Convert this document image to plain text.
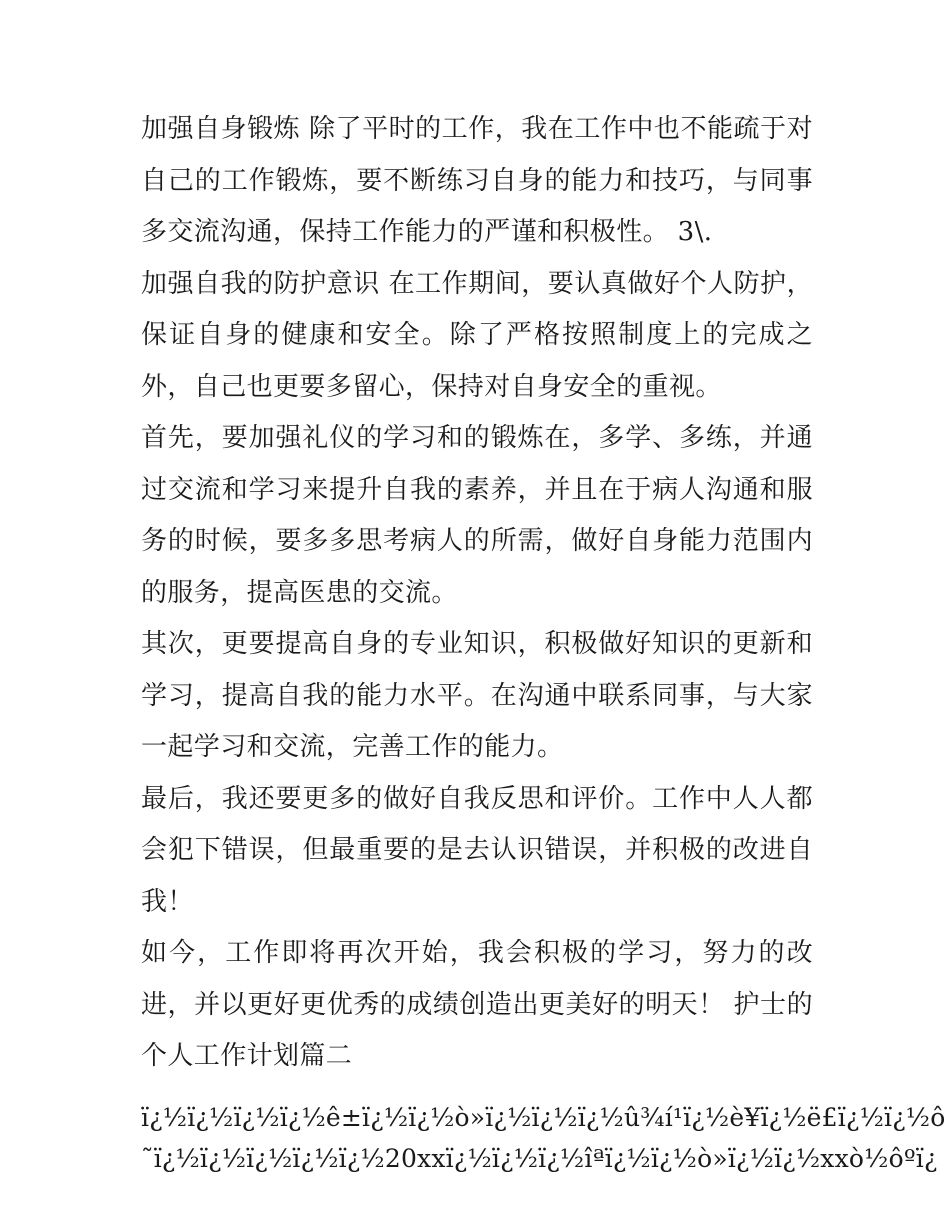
加强自身锻炼 除了平时的工作，我在工作中也不能疏于对自己的工作锻炼，要不断练习自身的能力和技巧，与同事多交流沟通，保持工作能力的严谨和积极性。 3\.

加强自我的防护意识 在工作期间，要认真做好个人防护，保证自身的健康和安全。除了严格按照制度上的完成之外，自己也更要多留心，保持对自身安全的重视。

首先，要加强礼仪的学习和的锻炼在，多学、多练，并通过交流和学习来提升自我的素养，并且在于病人沟通和服务的时候，要多多思考病人的所需，做好自身能力范围内的服务，提高医患的交流。

其次，更要提高自身的专业知识，积极做好知识的更新和学习，提高自我的能力水平。在沟通中联系同事，与大家一起学习和交流，完善工作的能力。

最后，我还要更多的做好自我反思和评价。工作中人人都会犯下错误，但最重要的是去认识错误，并积极的改进自我！

如今，工作即将再次开始，我会积极的学习，努力的改进，并以更好更优秀的成绩创造出更美好的明天！ 护士的个人工作计划篇二

ï¿½ï¿½ï¿½ï¿½ê±ï¿½ï¿½ò»ï¿½ï¿½ï¿½û¾í¹ï¿½è¥ï¿½ë£ï¿½ï¿½ô
˜ï¿½ï¿½ï¿½ï¿½ï¿½20xxï¿½ï¿½ï¿½îªï¿½ï¿½ò»ï¿½ï¿½xxò½ôºï¿
